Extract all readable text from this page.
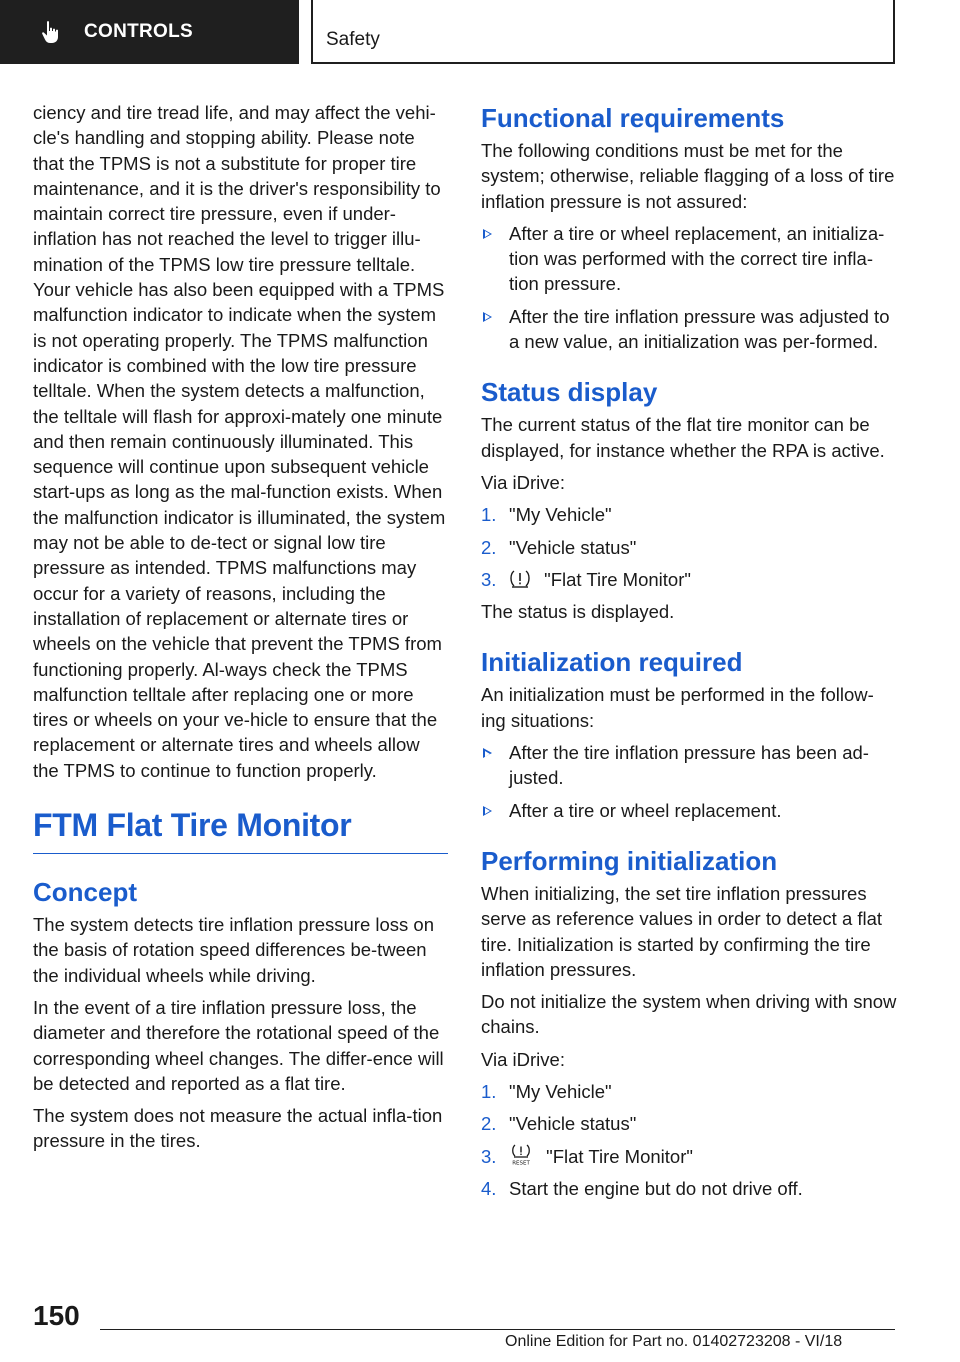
CONTROLS	Safety

ciency and tire tread life, and may affect the vehi-cle's handling and stopping ability. Please note that the TPMS is not a substitute for proper tire maintenance, and it is the driver's responsibility to maintain correct tire pressure, even if under-inflation has not reached the level to trigger illu-mination of the TPMS low tire pressure telltale. Your vehicle has also been equipped with a TPMS malfunction indicator to indicate when the system is not operating properly. The TPMS malfunction indicator is combined with the low tire pressure telltale. When the system detects a malfunction, the telltale will flash for approxi-mately one minute and then remain continuously illuminated. This sequence will continue upon subsequent vehicle start-ups as long as the mal-function exists. When the malfunction indicator is illuminated, the system may not be able to de-tect or signal low tire pressure as intended. TPMS malfunctions may occur for a variety of reasons, including the installation of replacement or alternate tires or wheels on the vehicle that prevent the TPMS from functioning properly. Al-ways check the TPMS malfunction telltale after replacing one or more tires or wheels on your ve-hicle to ensure that the replacement or alternate tires and wheels allow the TPMS to continue to function properly.

FTM Flat Tire Monitor
Concept

The system detects tire inflation pressure loss on the basis of rotation speed differences be-tween the individual wheels while driving.

In the event of a tire inflation pressure loss, the diameter and therefore the rotational speed of the corresponding wheel changes. The differ-ence will be detected and reported as a flat tire.

The system does not measure the actual infla-tion pressure in the tires.

Functional requirements

The following conditions must be met for the system; otherwise, reliable flagging of a loss of tire inflation pressure is not assured:

After a tire or wheel replacement, an initializa-tion was performed with the correct tire infla-tion pressure.
After the tire inflation pressure was adjusted to a new value, an initialization was per-formed.
Status display

The current status of the flat tire monitor can be displayed, for instance whether the RPA is active.

Via iDrive:

1. "My Vehicle"
2. "Vehicle status"
3.	"Flat Tire Monitor"

The status is displayed.

Initialization required

An initialization must be performed in the follow-ing situations:

After the tire inflation pressure has been ad-justed.
After a tire or wheel replacement.
Performing initialization

When initializing, the set tire inflation pressures serve as reference values in order to detect a flat tire. Initialization is started by confirming the tire inflation pressures.

Do not initialize the system when driving with snow chains.

Via iDrive:

1. "My Vehicle"
2. "Vehicle status"
3.	RESET "Flat Tire Monitor"
4. Start the engine but do not drive off.
150
Online Edition for Part no. 01402723208 - VI/18
